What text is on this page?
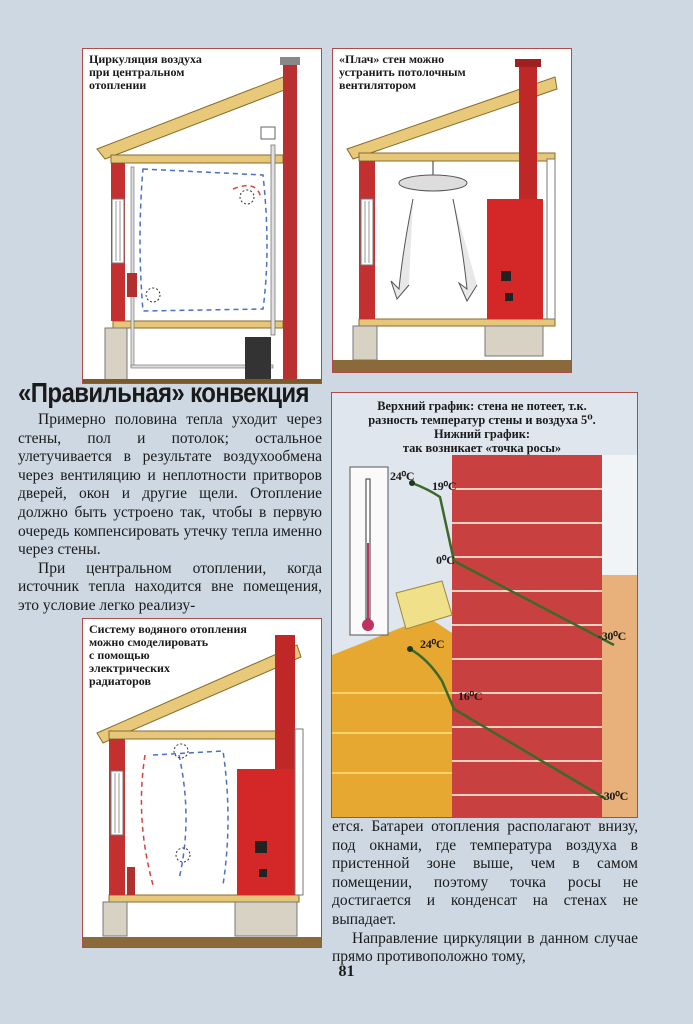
Циркуляция воздуха
при центральном
отоплении
«Плач» стен можно
устранить потолочным
вентилятором
«Правильная» конвекция

Примерно половина тепла уходит через стены, пол и потолок; остальное улетучивается в результате воздухообмена через вентиляцию и неплотности притворов дверей, окон и другие щели. Отопление должно быть устроено так, чтобы в первую очередь компенсировать утечку тепла именно через стены.

При центральном отоплении, когда источник тепла находится вне помещения, это условие легко реализу-

Верхний график: стена не потеет, т.к.
разность температур стены и воздуха 5⁰.
Нижний график:
так возникает «точка росы»
24⁰С
19⁰С
0⁰С
-30⁰С
24⁰С
16⁰С
-30⁰С
Систему водяного отопления
можно смоделировать
с помощью
электрических
радиаторов

ется. Батареи отопления располагают внизу, под окнами, где температура воздуха в пристенной зоне выше, чем в самом помещении, поэтому точка росы не достигается и конденсат на стенах не выпадает.

Направление циркуляции в данном случае прямо противоположно тому,

81
